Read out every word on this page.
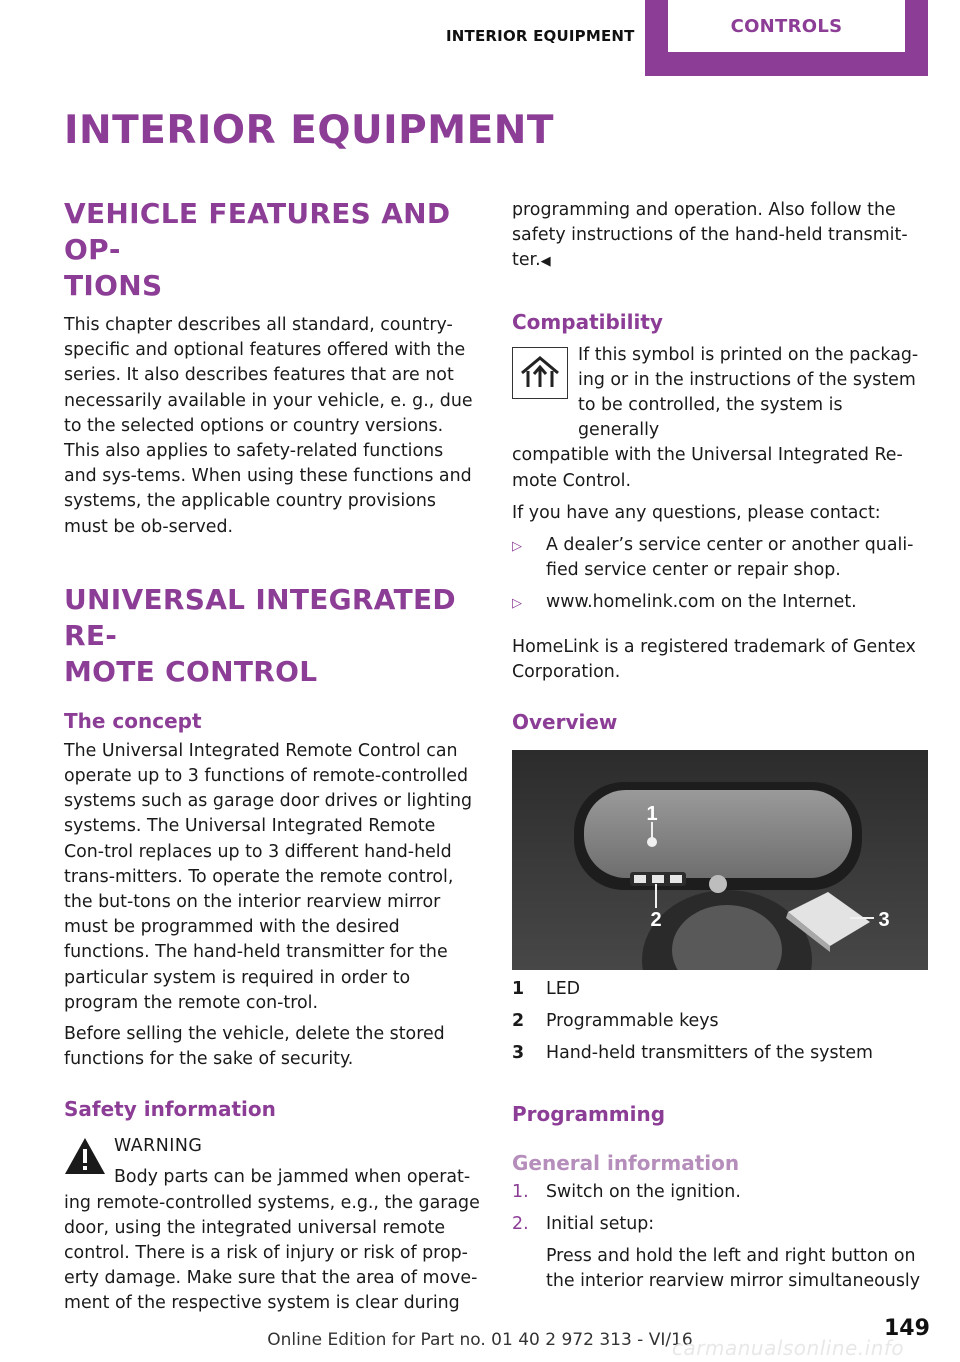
INTERIOR EQUIPMENT	CONTROLS
INTERIOR EQUIPMENT
VEHICLE FEATURES AND OP‐
TIONS

This chapter describes all standard, country-specific and optional features offered with the series. It also describes features that are not necessarily available in your vehicle, e. g., due to the selected options or country versions. This also applies to safety-related functions and sys‐tems. When using these functions and systems, the applicable country provisions must be ob‐served.

UNIVERSAL INTEGRATED RE‐
MOTE CONTROL
The concept

The Universal Integrated Remote Control can operate up to 3 functions of remote-controlled systems such as garage door drives or lighting systems. The Universal Integrated Remote Con‐trol replaces up to 3 different hand-held trans‐mitters. To operate the remote control, the but‐tons on the interior rearview mirror must be programmed with the desired functions. The hand-held transmitter for the particular system is required in order to program the remote con‐trol.

Before selling the vehicle, delete the stored functions for the sake of security.

Safety information
WARNING
Body parts can be jammed when operat‐

ing remote-controlled systems, e.g., the garage door, using the integrated universal remote control. There is a risk of injury or risk of prop‐erty damage. Make sure that the area of move‐ment of the respective system is clear during

programming and operation. Also follow the safety instructions of the hand-held transmit‐ter.◀

Compatibility

If this symbol is printed on the packag‐ing or in the instructions of the system to be controlled, the system is generally

compatible with the Universal Integrated Re‐mote Control.

If you have any questions, please contact:

▷	A dealer’s service center or another quali‐fied service center or repair shop.
▷	www.homelink.com on the Internet.

HomeLink is a registered trademark of Gentex Corporation.

Overview
1
2	3
1	LED
2	Programmable keys
3	Hand-held transmitters of the system
Programming
General information
1.	Switch on the ignition.
2.	Initial setup:

Press and hold the left and right button on the interior rearview mirror simultaneously

149
Online Edition for Part no. 01 40 2 972 313 - VI/16
carmanualsonline.info
